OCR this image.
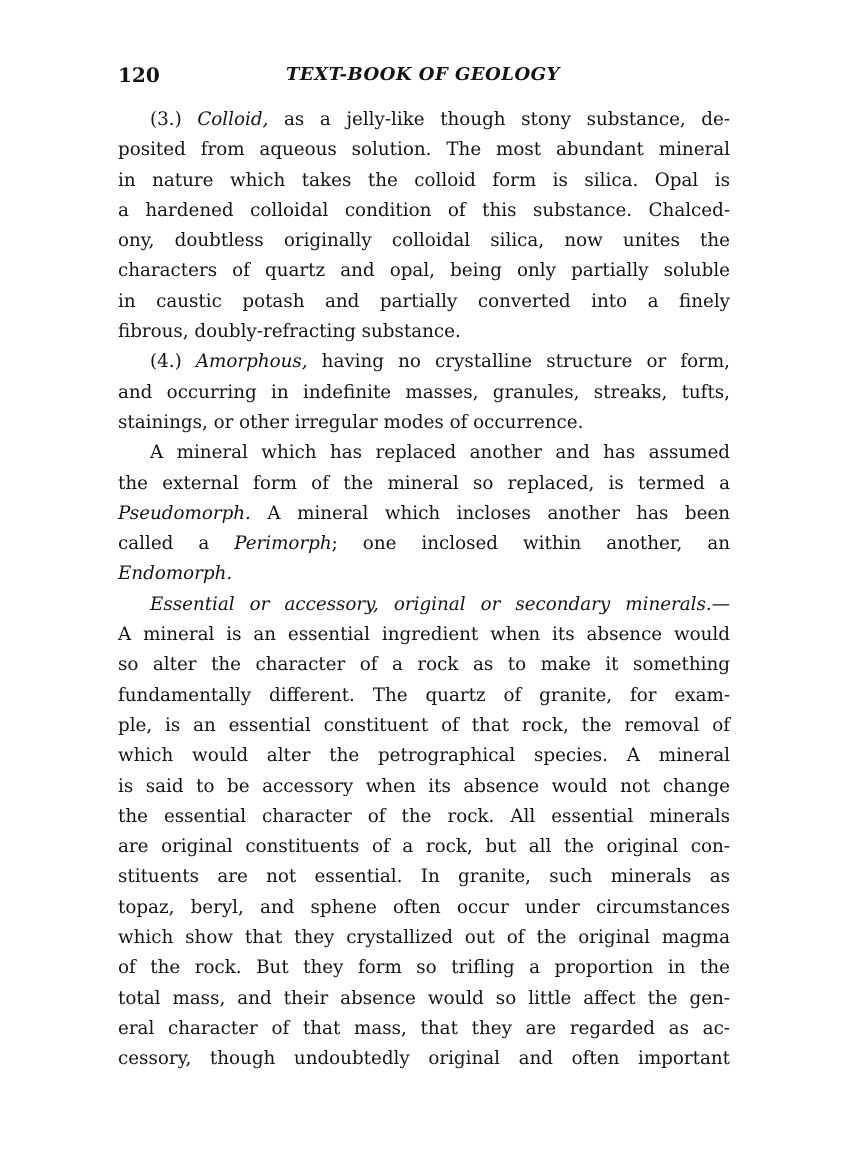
120	TEXT-BOOK OF GEOLOGY
(3.) Colloid, as a jelly-like though stony substance, de-
posited from aqueous solution. The most abundant mineral
in nature which takes the colloid form is silica. Opal is
a hardened colloidal condition of this substance. Chalced-
ony, doubtless originally colloidal silica, now unites the
characters of quartz and opal, being only partially soluble
in caustic potash and partially converted into a finely
fibrous, doubly-refracting substance.
(4.) Amorphous, having no crystalline structure or form,
and occurring in indefinite masses, granules, streaks, tufts,
stainings, or other irregular modes of occurrence.
A mineral which has replaced another and has assumed
the external form of the mineral so replaced, is termed a
Pseudomorph. A mineral which incloses another has been
called a Perimorph; one inclosed within another, an
Endomorph.
Essential or accessory, original or secondary minerals.—
A mineral is an essential ingredient when its absence would
so alter the character of a rock as to make it something
fundamentally different. The quartz of granite, for exam-
ple, is an essential constituent of that rock, the removal of
which would alter the petrographical species. A mineral
is said to be accessory when its absence would not change
the essential character of the rock. All essential minerals
are original constituents of a rock, but all the original con-
stituents are not essential. In granite, such minerals as
topaz, beryl, and sphene often occur under circumstances
which show that they crystallized out of the original magma
of the rock. But they form so trifling a proportion in the
total mass, and their absence would so little affect the gen-
eral character of that mass, that they are regarded as ac-
cessory, though undoubtedly original and often important
